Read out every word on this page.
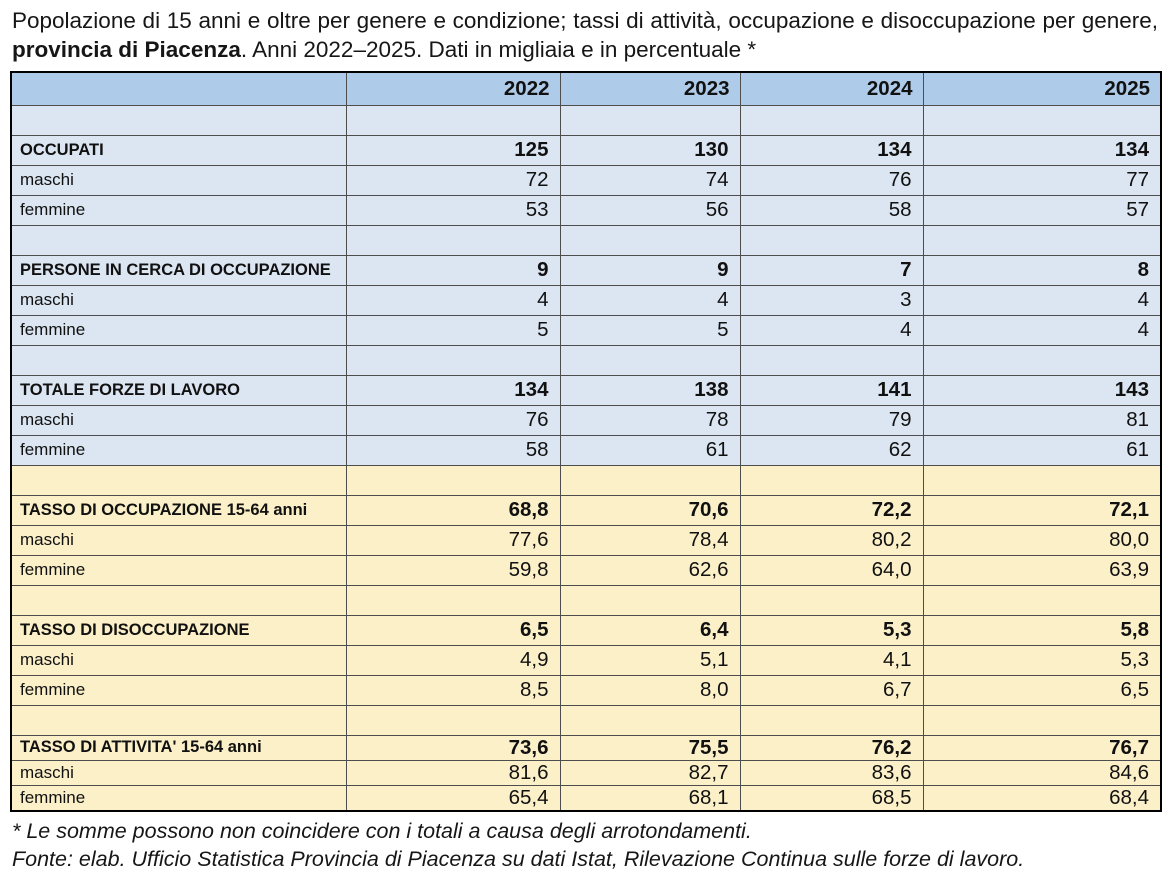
Popolazione di 15 anni e oltre per genere e condizione; tassi di attività, occupazione e disoccupazione per genere, provincia di Piacenza. Anni 2022–2025. Dati in migliaia e in percentuale *

	2022	2023	2024	2025

OCCUPATI	125	130	134	134
maschi	72	74	76	77
femmine	53	56	58	57

PERSONE IN CERCA DI OCCUPAZIONE	9	9	7	8
maschi	4	4	3	4
femmine	5	5	4	4

TOTALE FORZE DI LAVORO	134	138	141	143
maschi	76	78	79	81
femmine	58	61	62	61

TASSO DI OCCUPAZIONE 15-64 anni	68,8	70,6	72,2	72,1
maschi	77,6	78,4	80,2	80,0
femmine	59,8	62,6	64,0	63,9

TASSO DI DISOCCUPAZIONE	6,5	6,4	5,3	5,8
maschi	4,9	5,1	4,1	5,3
femmine	8,5	8,0	6,7	6,5

TASSO DI ATTIVITA' 15-64 anni	73,6	75,5	76,2	76,7
maschi	81,6	82,7	83,6	84,6
femmine	65,4	68,1	68,5	68,4

* Le somme possono non coincidere con i totali a causa degli arrotondamenti.

Fonte: elab. Ufficio Statistica Provincia di Piacenza su dati Istat, Rilevazione Continua sulle forze di lavoro.
